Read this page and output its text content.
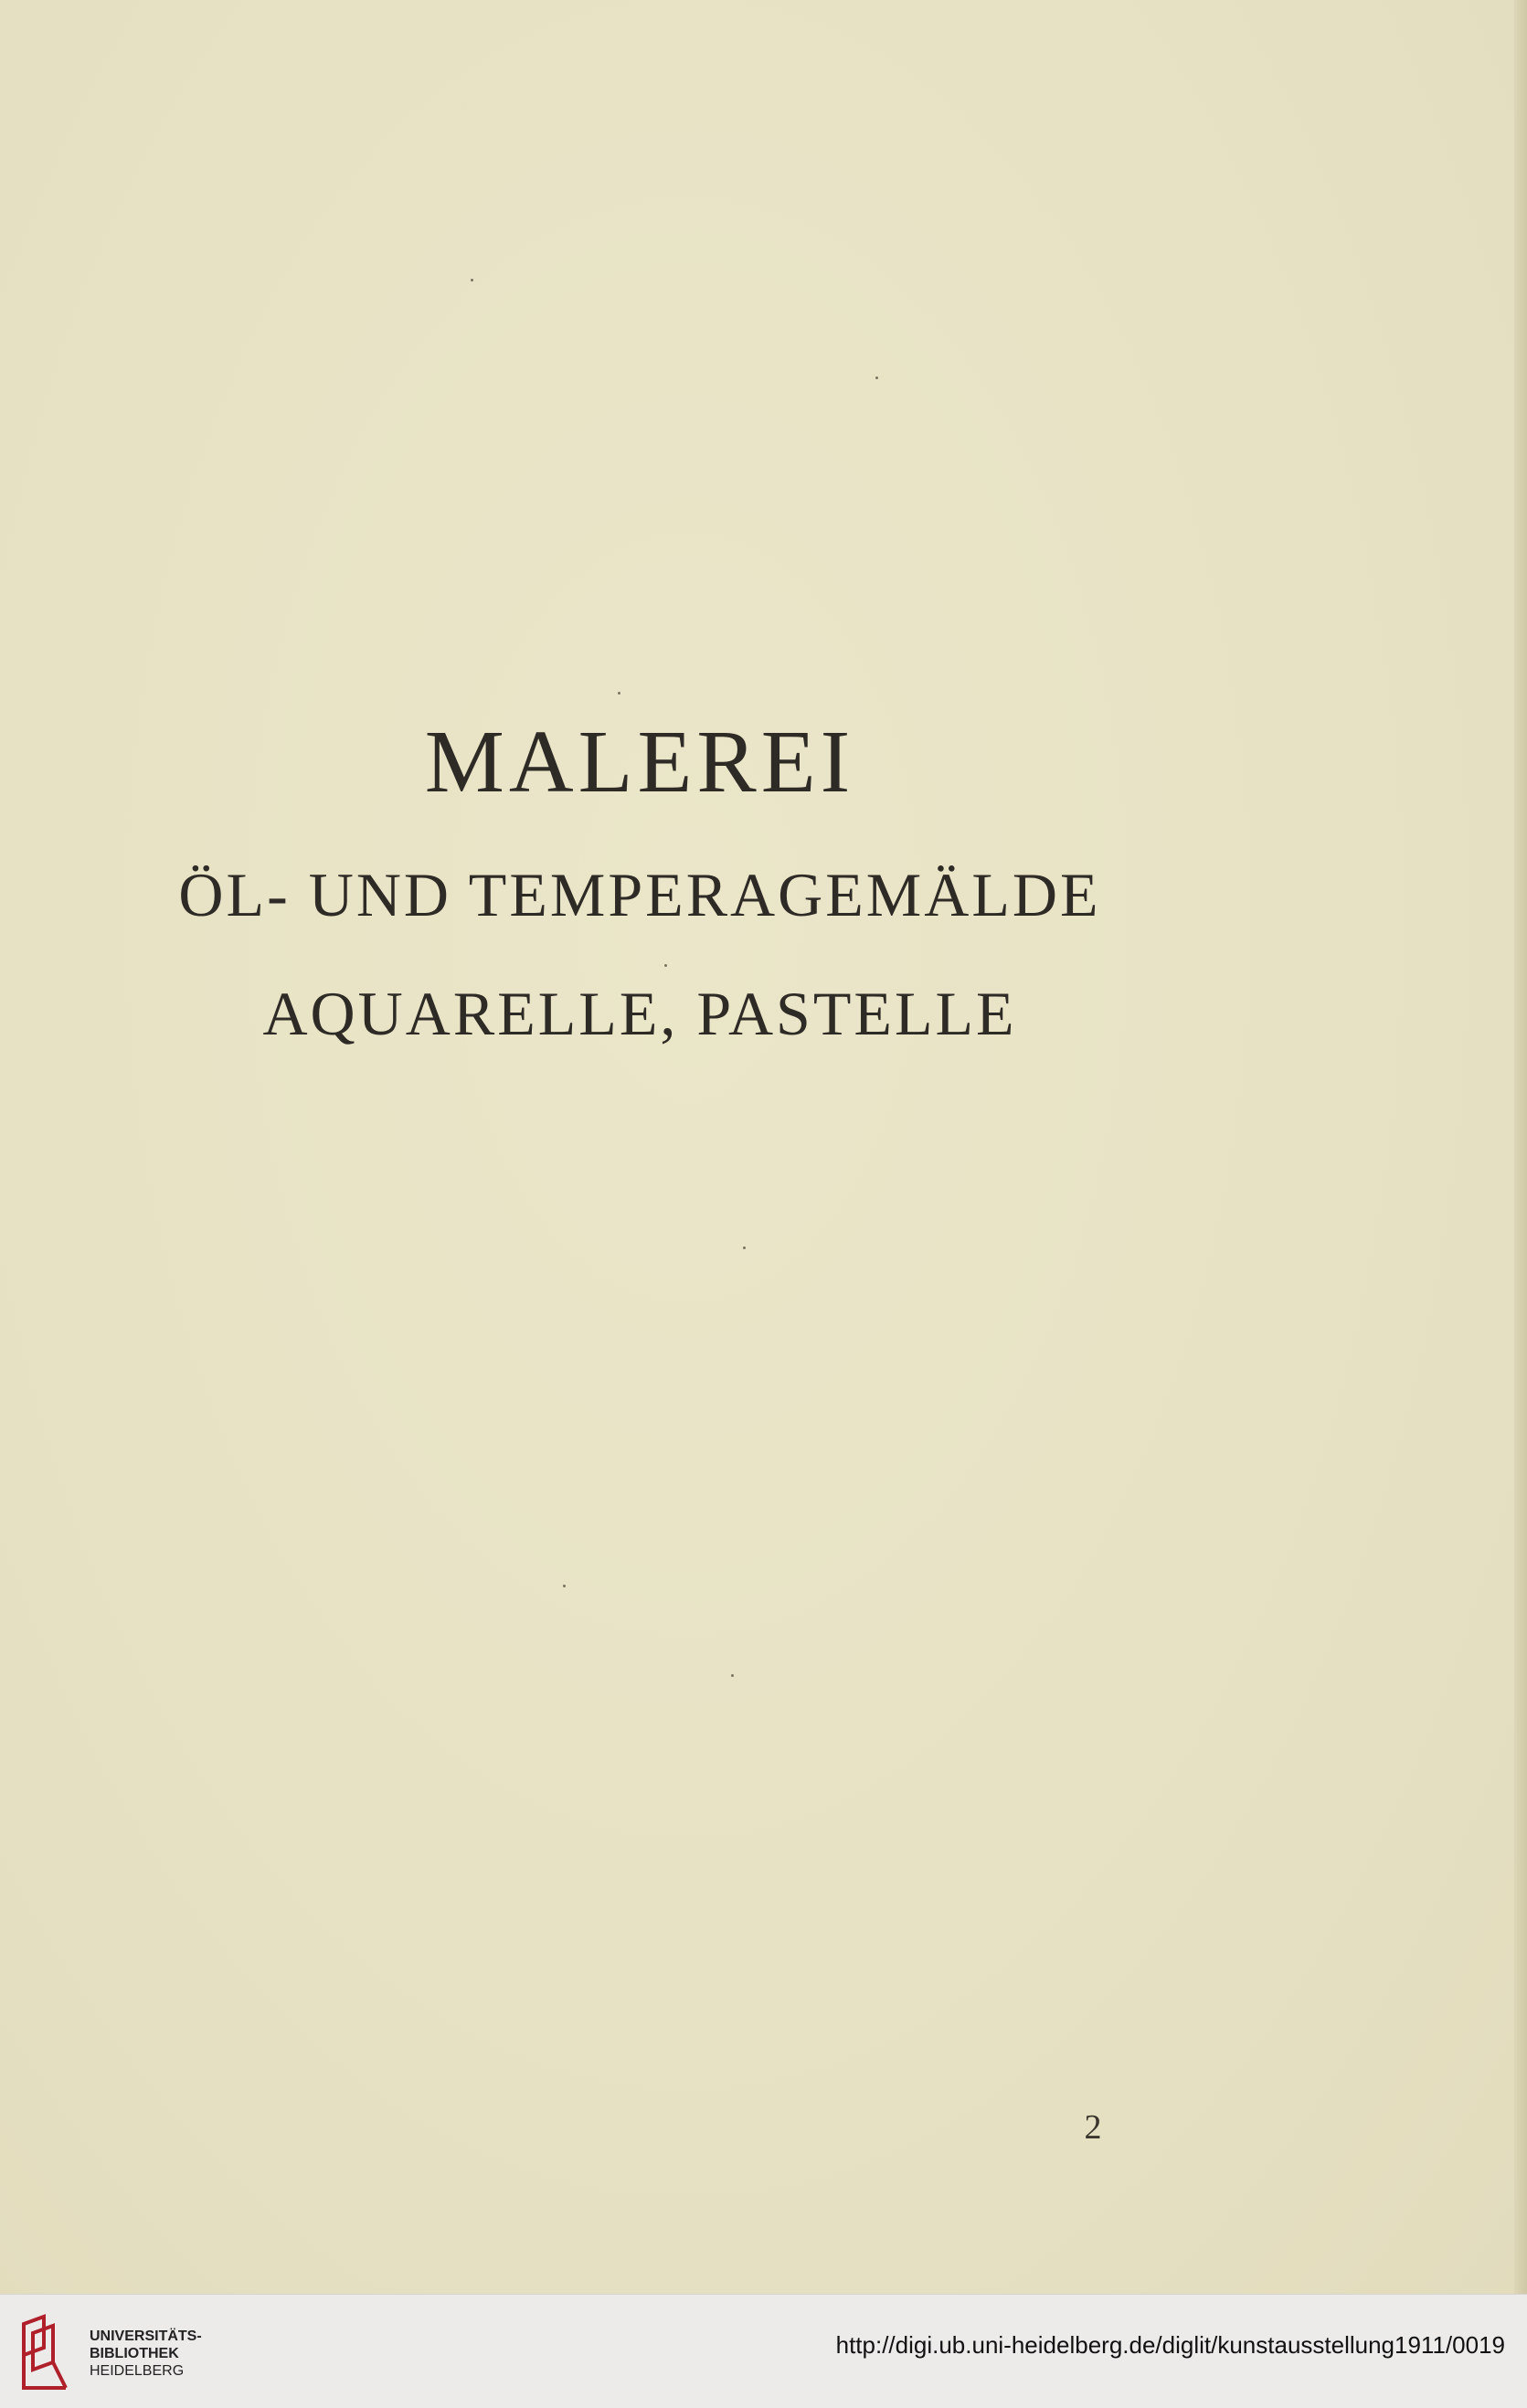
MALEREI
ÖL- UND TEMPERAGEMÄLDE
AQUARELLE, PASTELLE
2
UNIVERSITÄTS-
BIBLIOTHEK
HEIDELBERG
http://digi.ub.uni-heidelberg.de/diglit/kunstausstellung1911/0019
